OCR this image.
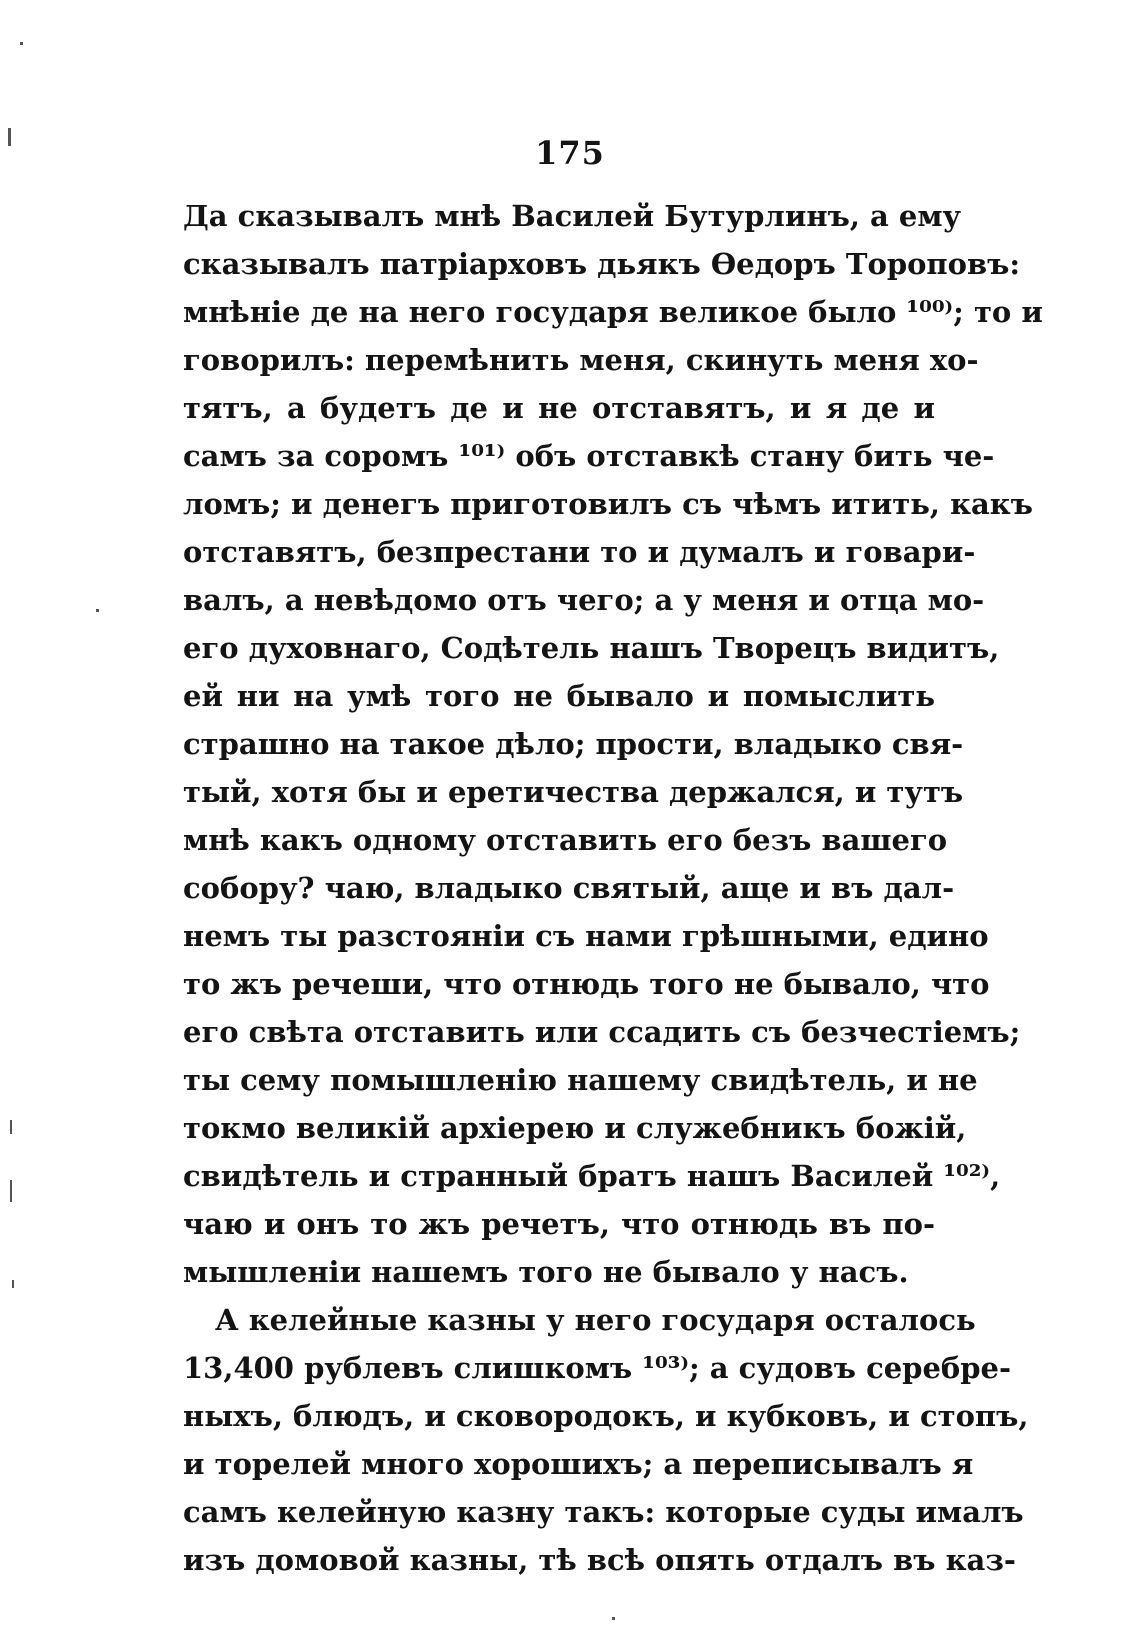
175
Да сказывалъ мнѣ Василей Бутурлинъ, а ему
сказывалъ патріарховъ дьякъ Ѳедоръ Тороповъ:
мнѣніе де на него государя великое было ¹⁰⁰⁾; то и
говорилъ: перемѣнить меня, скинуть меня хо-
тятъ, а будетъ де и не отставятъ, и я де и
самъ за соромъ ¹⁰¹⁾ объ отставкѣ стану бить че-
ломъ; и денегъ приготовилъ съ чѣмъ итить, какъ
отставятъ, безпрестани то и думалъ и говари-
валъ, а невѣдомо отъ чего; а у меня и отца мо-
его духовнаго, Содѣтель нашъ Творецъ видитъ,
ей ни на умѣ того не бывало и помыслить
страшно на такое дѣло; прости, владыко свя-
тый, хотя бы и еретичества держался, и тутъ
мнѣ какъ одному отставить его безъ вашего
собору? чаю, владыко святый, аще и въ дал-
немъ ты разстояніи съ нами грѣшными, едино
то жъ речеши, что отнюдь того не бывало, что
его свѣта отставить или ссадить съ безчестіемъ;
ты сему помышленію нашему свидѣтель, и не
токмо великій архіерею и служебникъ божій,
свидѣтель и странный братъ нашъ Василей ¹⁰²⁾,
чаю и онъ то жъ речетъ, что отнюдь въ по-
мышленіи нашемъ того не бывало у насъ.
А келейные казны у него государя осталось
13,400 рублевъ слишкомъ ¹⁰³⁾; а судовъ серебре-
ныхъ, блюдъ, и сковородокъ, и кубковъ, и стопъ,
и торелей много хорошихъ; а переписывалъ я
самъ келейную казну такъ: которые суды ималъ
изъ домовой казны, тѣ всѣ опять отдалъ въ каз-
